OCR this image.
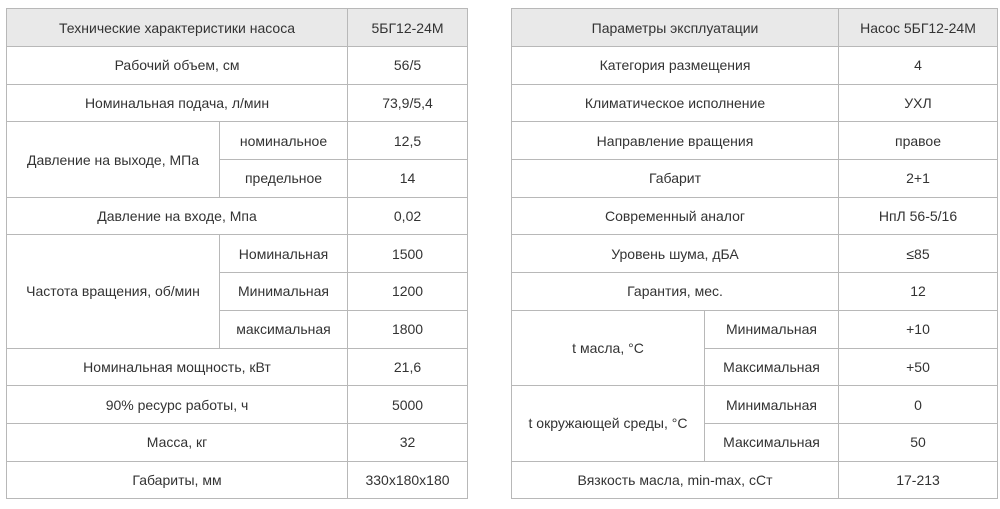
Технические характеристики насоса		5БГ12-24М
Рабочий объем, см		56/5
Номинальная подача, л/мин		73,9/5,4
Давление на выходе, МПа	номинальное	12,5
	предельное	14
Давление на входе, Мпа		0,02
Частота вращения, об/мин	Номинальная	1500
	Минимальная	1200
	максимальная	1800
Номинальная мощность, кВт		21,6
90% ресурс работы, ч		5000
Масса, кг		32
Габариты, мм		330x180x180
Параметры эксплуатации		Насос 5БГ12-24М
Категория размещения		4
Климатическое исполнение		УХЛ
Направление вращения		правое
Габарит		2+1
Современный аналог		НпЛ 56-5/16
Уровень шума, дБА		≤85
Гарантия, мес.		12
t масла, °С	Минимальная	+10
	Максимальная	+50
t окружающей среды, °С	Минимальная	0
	Максимальная	50
Вязкость масла, min-max, сСт		17-213
